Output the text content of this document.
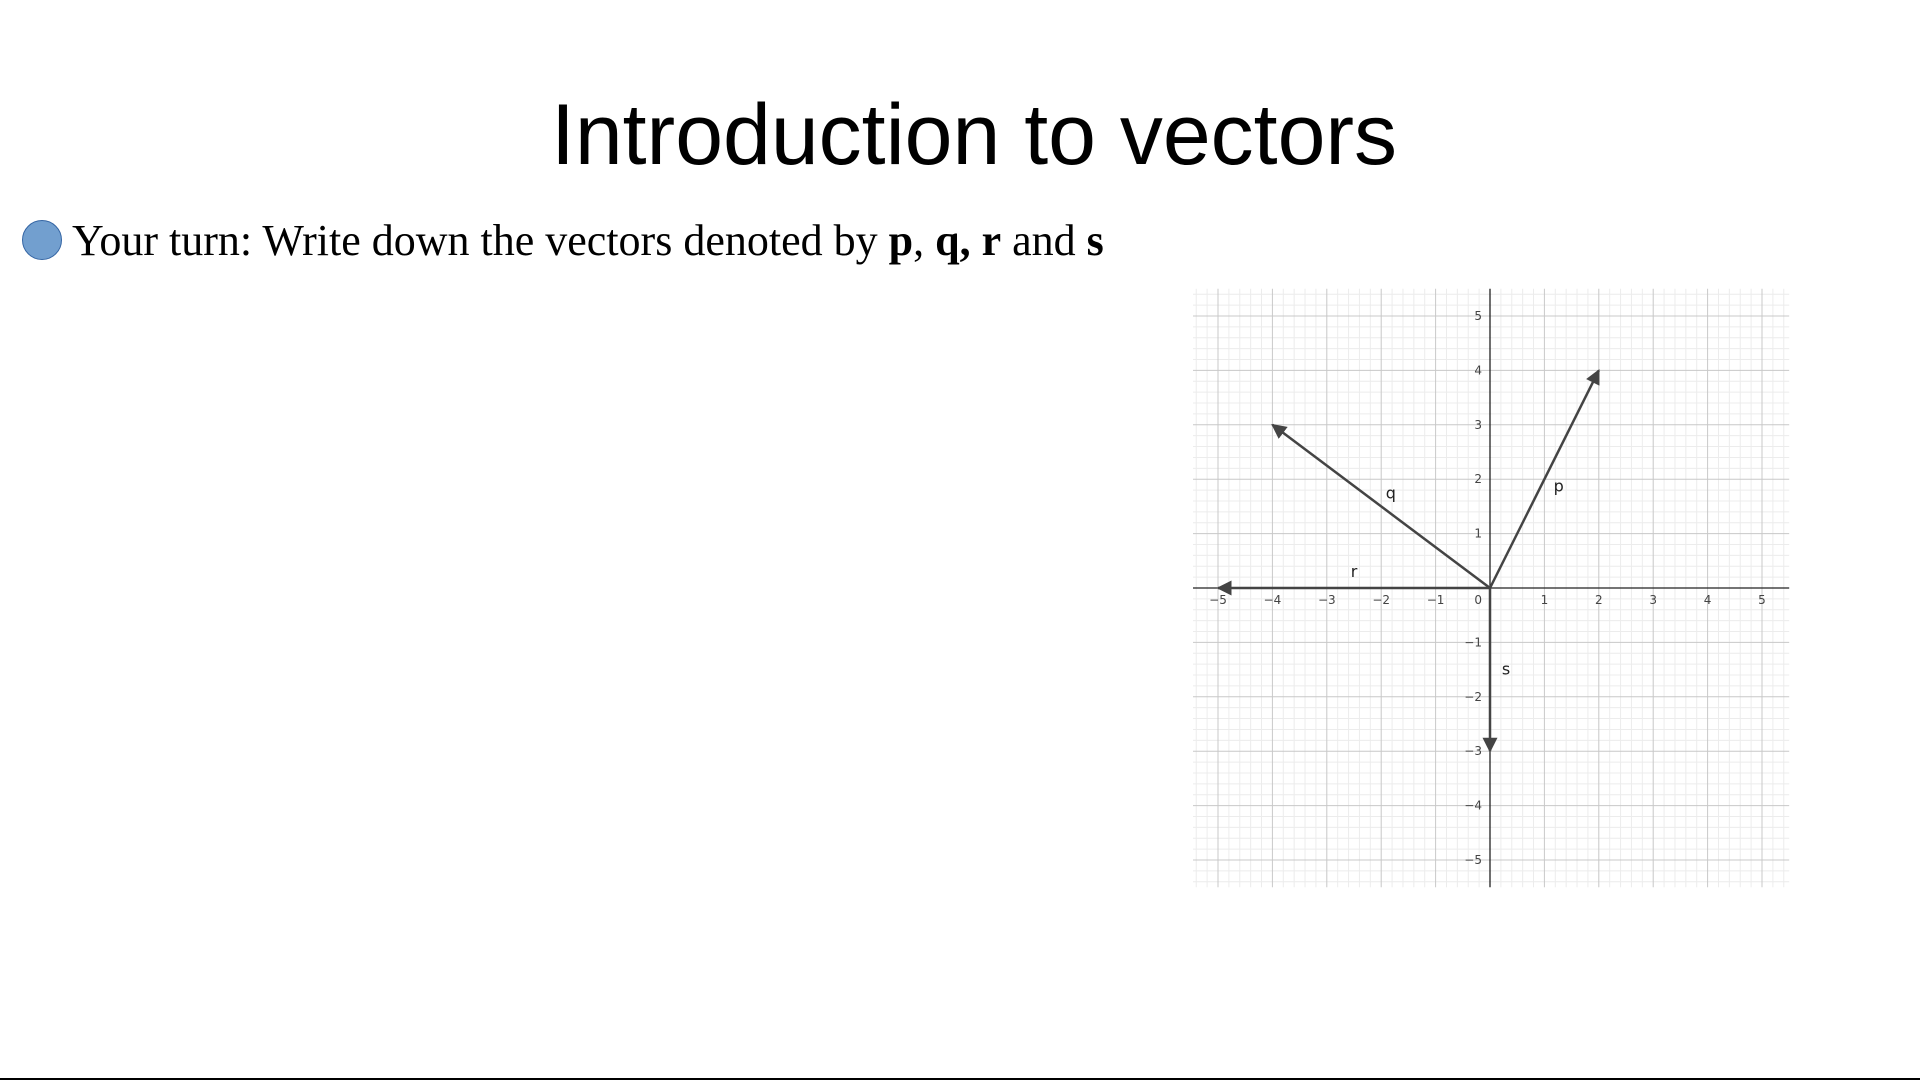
Introduction to vectors
Your turn: Write down the vectors denoted by p, q, r and s
−5	−4	−3	−2	−1	1	2	3	4	5
−5
−4
−3
−2
−1
1
2
3
4
5
0
p
q
r
s
